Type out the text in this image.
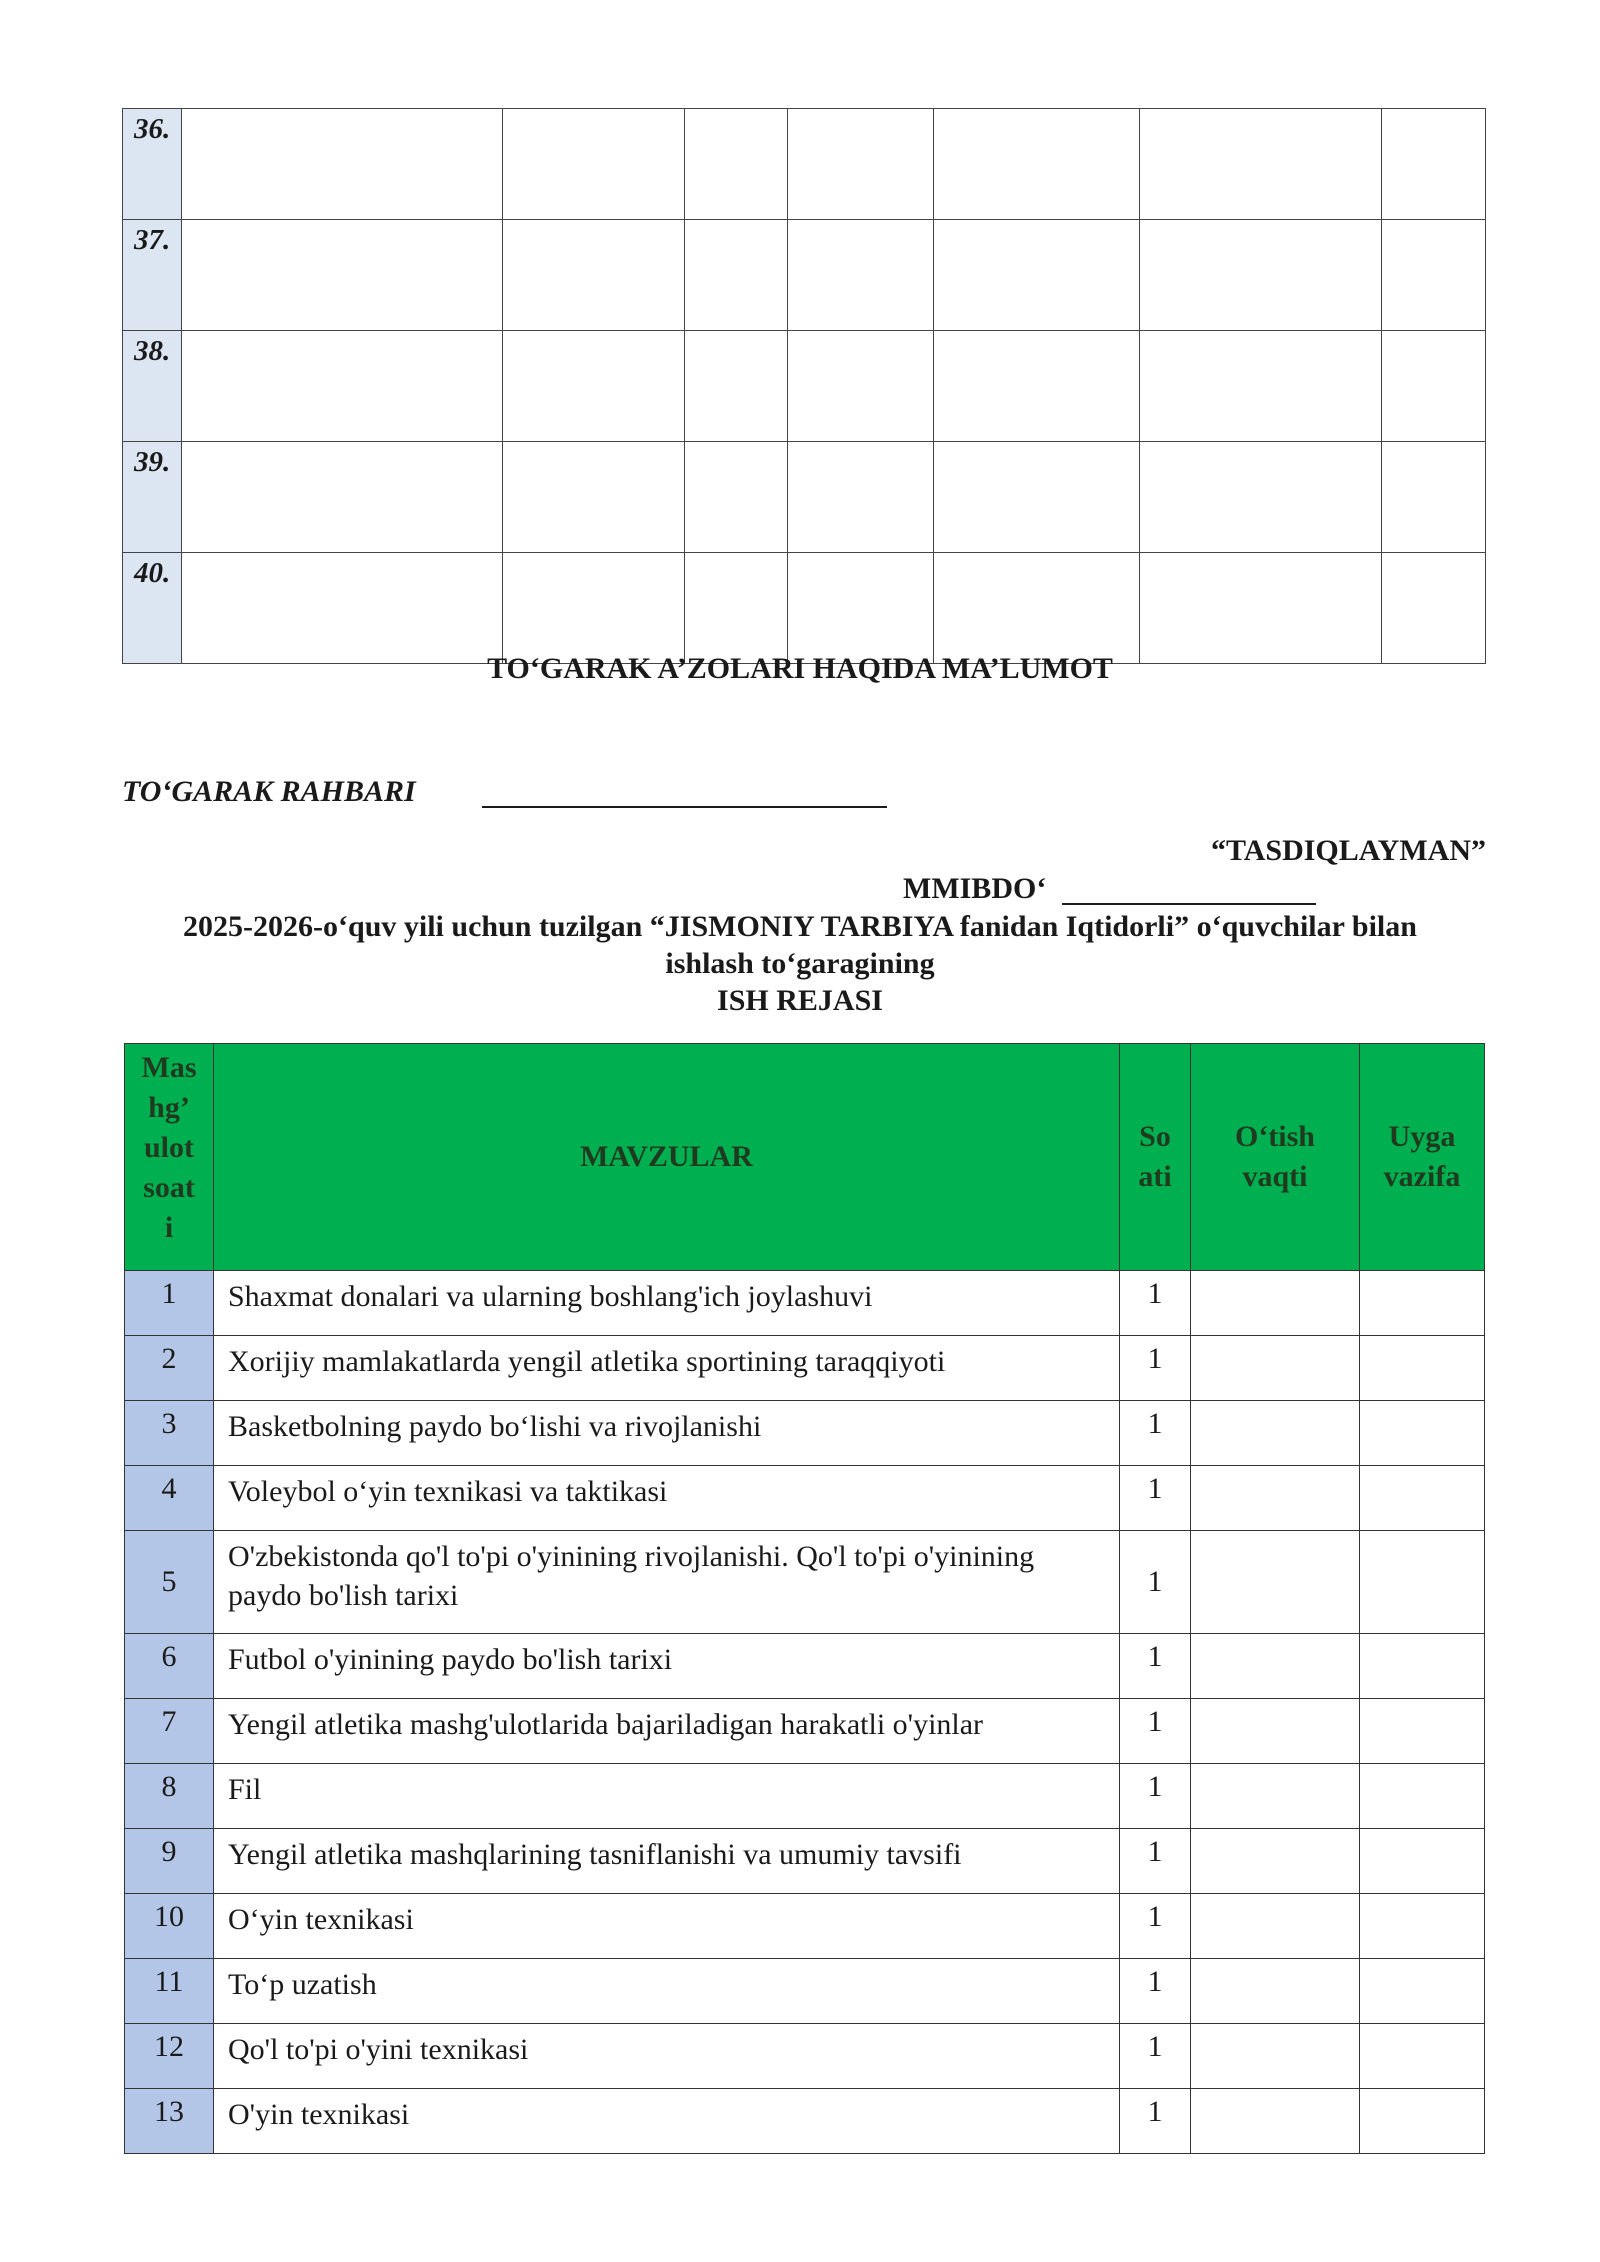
36.							
37.							
38.							
39.							
40.							
TO‘GARAK A’ZOLARI HAQIDA MA’LUMOT
TO‘GARAK RAHBARI
“TASDIQLAYMAN”
MMIBDO‘
2025-2026-o‘quv yili uchun tuzilgan “JISMONIY TARBIYA fanidan Iqtidorli” o‘quvchilar bilan
ishlash to‘garagining
ISH REJASI
Mas hg’ ulot soat i	MAVZULAR	So ati	O‘tish vaqti	Uyga vazifa

1	Shaxmat donalari va ularning boshlang'ich joylashuvi	1		
2	Xorijiy mamlakatlarda yengil atletika sportining taraqqiyoti	1		
3	Basketbolning paydo bo‘lishi va rivojlanishi	1		
4	Voleybol o‘yin texnikasi va taktikasi	1		
5	O'zbekistonda qo'l to'pi o'yinining rivojlanishi. Qo'l to'pi o'yinining paydo bo'lish tarixi	1		
6	Futbol o'yinining paydo bo'lish tarixi	1		
7	Yengil atletika mashg'ulotlarida bajariladigan harakatli o'yinlar	1		
8	Fil	1		
9	Yengil atletika mashqlarining tasniflanishi va umumiy tavsifi	1		
10	O‘yin texnikasi	1		
11	To‘p uzatish	1		
12	Qo'l to'pi o'yini texnikasi	1		
13	O'yin texnikasi	1		
